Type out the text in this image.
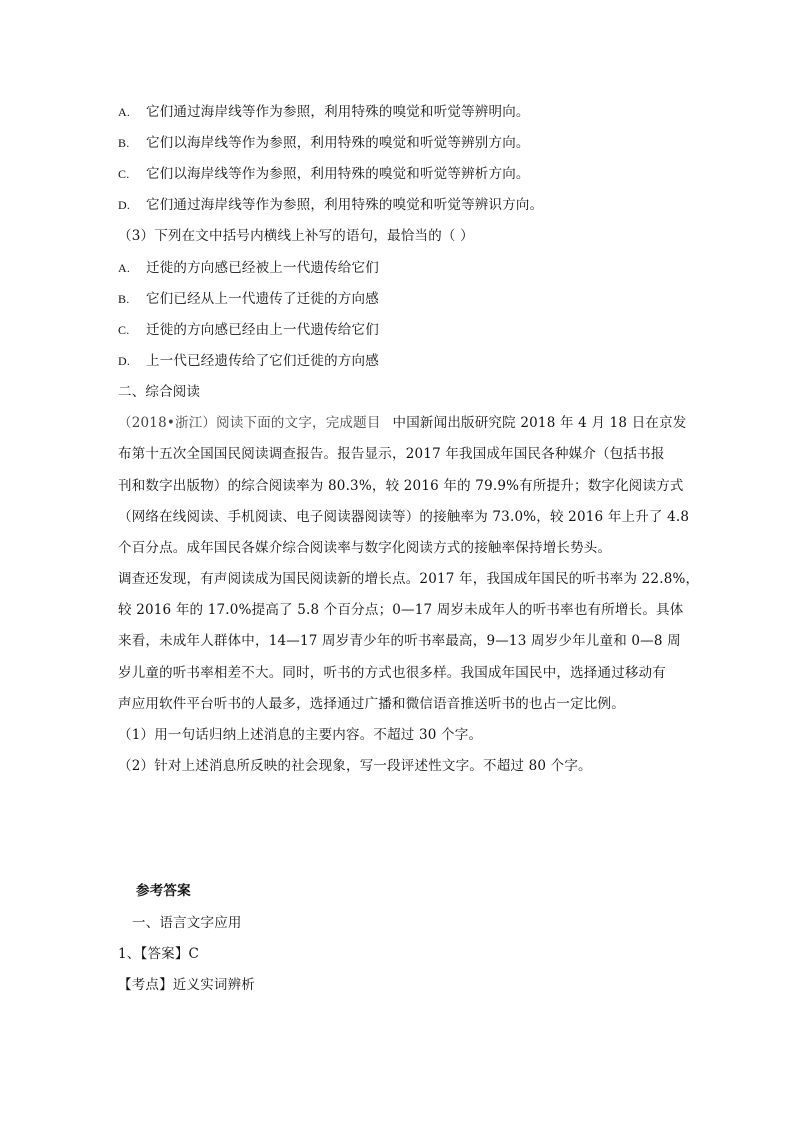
A. 它们通过海岸线等作为参照，利用特殊的嗅觉和听觉等辨明向。
B. 它们以海岸线等作为参照，利用特殊的嗅觉和听觉等辨别方向。
C. 它们以海岸线等作为参照，利用特殊的嗅觉和听觉等辨析方向。
D. 它们通过海岸线等作为参照，利用特殊的嗅觉和听觉等辨识方向。
（3）下列在文中括号内横线上补写的语句，最恰当的（ ）
A. 迁徙的方向感已经被上一代遗传给它们
B. 它们已经从上一代遗传了迁徙的方向感
C. 迁徙的方向感已经由上一代遗传给它们
D. 上一代已经遗传给了它们迁徙的方向感
二、综合阅读
（2018•浙江）阅读下面的文字，完成题目 中国新闻出版研究院 2018 年 4 月 18 日在京发
布第十五次全国国民阅读调查报告。报告显示，2017 年我国成年国民各种媒介（包括书报
刊和数字出版物）的综合阅读率为 80.3%，较 2016 年的 79.9%有所提升；数字化阅读方式
（网络在线阅读、手机阅读、电子阅读器阅读等）的接触率为 73.0%，较 2016 年上升了 4.8
个百分点。成年国民各媒介综合阅读率与数字化阅读方式的接触率保持增长势头。
调查还发现，有声阅读成为国民阅读新的增长点。2017 年，我国成年国民的听书率为 22.8%，
较 2016 年的 17.0%提高了 5.8 个百分点；0—17 周岁未成年人的听书率也有所增长。具体
来看，未成年人群体中，14—17 周岁青少年的听书率最高，9—13 周岁少年儿童和 0—8 周
岁儿童的听书率相差不大。同时，听书的方式也很多样。我国成年国民中，选择通过移动有
声应用软件平台听书的人最多，选择通过广播和微信语音推送听书的也占一定比例。
（1）用一句话归纳上述消息的主要内容。不超过 30 个字。
（2）针对上述消息所反映的社会现象，写一段评述性文字。不超过 80 个字。
参考答案
一、语言文字应用
1、【答案】C
【考点】近义实词辨析
